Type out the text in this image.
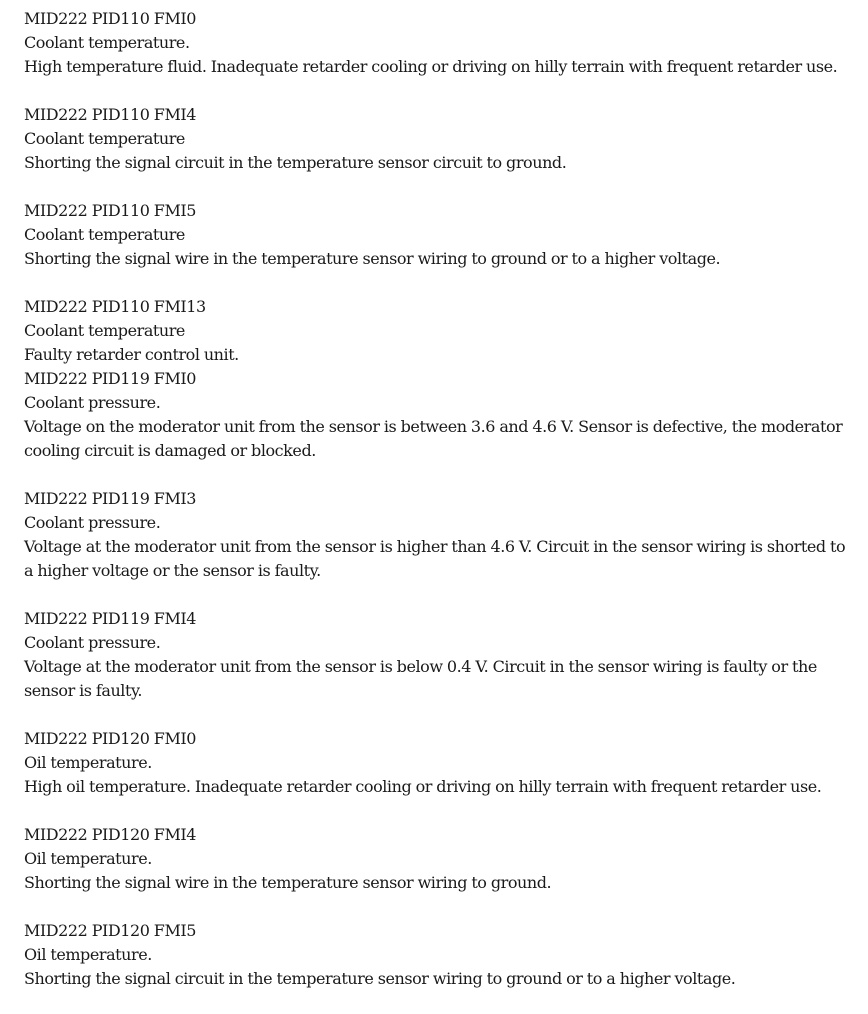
MID222 PID110 FMI0
Coolant temperature.
High temperature fluid. Inadequate retarder cooling or driving on hilly terrain with frequent retarder use.
MID222 PID110 FMI4
Coolant temperature
Shorting the signal circuit in the temperature sensor circuit to ground.
MID222 PID110 FMI5
Coolant temperature
Shorting the signal wire in the temperature sensor wiring to ground or to a higher voltage.
MID222 PID110 FMI13
Coolant temperature
Faulty retarder control unit.
MID222 PID119 FMI0
Coolant pressure.
Voltage on the moderator unit from the sensor is between 3.6 and 4.6 V. Sensor is defective, the moderator cooling circuit is damaged or blocked.
MID222 PID119 FMI3
Coolant pressure.
Voltage at the moderator unit from the sensor is higher than 4.6 V. Circuit in the sensor wiring is shorted to a higher voltage or the sensor is faulty.
MID222 PID119 FMI4
Coolant pressure.
Voltage at the moderator unit from the sensor is below 0.4 V. Circuit in the sensor wiring is faulty or the sensor is faulty.
MID222 PID120 FMI0
Oil temperature.
High oil temperature. Inadequate retarder cooling or driving on hilly terrain with frequent retarder use.
MID222 PID120 FMI4
Oil temperature.
Shorting the signal wire in the temperature sensor wiring to ground.
MID222 PID120 FMI5
Oil temperature.
Shorting the signal circuit in the temperature sensor wiring to ground or to a higher voltage.
